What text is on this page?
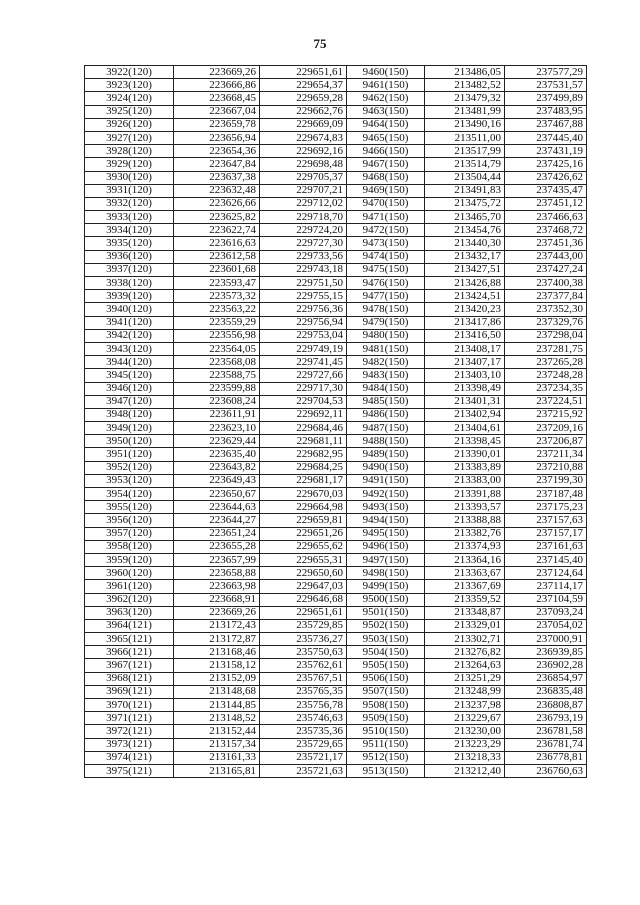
75
3922(120)	223669,26	229651,61	9460(150)	213486,05	237577,29
3923(120)	223666,86	229654,37	9461(150)	213482,52	237531,57
3924(120)	223668,45	229659,28	9462(150)	213479,32	237499,89
3925(120)	223667,04	229662,76	9463(150)	213481,99	237483,95
3926(120)	223659,78	229669,09	9464(150)	213490,16	237467,88
3927(120)	223656,94	229674,83	9465(150)	213511,00	237445,40
3928(120)	223654,36	229692,16	9466(150)	213517,99	237431,19
3929(120)	223647,84	229698,48	9467(150)	213514,79	237425,16
3930(120)	223637,38	229705,37	9468(150)	213504,44	237426,62
3931(120)	223632,48	229707,21	9469(150)	213491,83	237435,47
3932(120)	223626,66	229712,02	9470(150)	213475,72	237451,12
3933(120)	223625,82	229718,70	9471(150)	213465,70	237466,63
3934(120)	223622,74	229724,20	9472(150)	213454,76	237468,72
3935(120)	223616,63	229727,30	9473(150)	213440,30	237451,36
3936(120)	223612,58	229733,56	9474(150)	213432,17	237443,00
3937(120)	223601,68	229743,18	9475(150)	213427,51	237427,24
3938(120)	223593,47	229751,50	9476(150)	213426,88	237400,38
3939(120)	223573,32	229755,15	9477(150)	213424,51	237377,84
3940(120)	223563,22	229756,36	9478(150)	213420,23	237352,30
3941(120)	223559,29	229756,94	9479(150)	213417,86	237329,76
3942(120)	223556,98	229753,04	9480(150)	213416,50	237298,04
3943(120)	223564,05	229749,19	9481(150)	213408,17	237281,75
3944(120)	223568,08	229741,45	9482(150)	213407,17	237265,28
3945(120)	223588,75	229727,66	9483(150)	213403,10	237248,28
3946(120)	223599,88	229717,30	9484(150)	213398,49	237234,35
3947(120)	223608,24	229704,53	9485(150)	213401,31	237224,51
3948(120)	223611,91	229692,11	9486(150)	213402,94	237215,92
3949(120)	223623,10	229684,46	9487(150)	213404,61	237209,16
3950(120)	223629,44	229681,11	9488(150)	213398,45	237206,87
3951(120)	223635,40	229682,95	9489(150)	213390,01	237211,34
3952(120)	223643,82	229684,25	9490(150)	213383,89	237210,88
3953(120)	223649,43	229681,17	9491(150)	213383,00	237199,30
3954(120)	223650,67	229670,03	9492(150)	213391,88	237187,48
3955(120)	223644,63	229664,98	9493(150)	213393,57	237175,23
3956(120)	223644,27	229659,81	9494(150)	213388,88	237157,63
3957(120)	223651,24	229651,26	9495(150)	213382,76	237157,17
3958(120)	223655,28	229655,62	9496(150)	213374,93	237161,63
3959(120)	223657,99	229655,31	9497(150)	213364,16	237145,40
3960(120)	223658,88	229650,60	9498(150)	213363,67	237124,64
3961(120)	223663,98	229647,03	9499(150)	213367,69	237114,17
3962(120)	223668,91	229646,68	9500(150)	213359,52	237104,59
3963(120)	223669,26	229651,61	9501(150)	213348,87	237093,24
3964(121)	213172,43	235729,85	9502(150)	213329,01	237054,02
3965(121)	213172,87	235736,27	9503(150)	213302,71	237000,91
3966(121)	213168,46	235750,63	9504(150)	213276,82	236939,85
3967(121)	213158,12	235762,61	9505(150)	213264,63	236902,28
3968(121)	213152,09	235767,51	9506(150)	213251,29	236854,97
3969(121)	213148,68	235765,35	9507(150)	213248,99	236835,48
3970(121)	213144,85	235756,78	9508(150)	213237,98	236808,87
3971(121)	213148,52	235746,63	9509(150)	213229,67	236793,19
3972(121)	213152,44	235735,36	9510(150)	213230,00	236781,58
3973(121)	213157,34	235729,65	9511(150)	213223,29	236781,74
3974(121)	213161,33	235721,17	9512(150)	213218,33	236778,81
3975(121)	213165,81	235721,63	9513(150)	213212,40	236760,63
